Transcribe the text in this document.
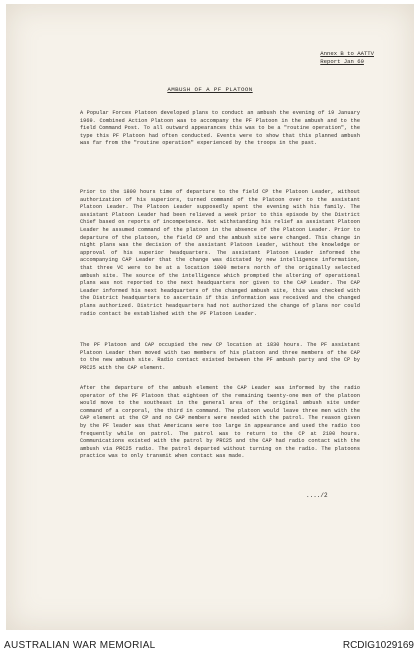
Annex B to AATTV
Report Jan 69
AMBUSH OF A PF PLATOON

A Popular Forces Platoon developed plans to conduct an ambush the evening of 19 January 1969. Combined Action Platoon was to accompany the PF Platoon in the ambush and to the field Command Post. To all outward appearances this was to be a "routine operation", the type this PF Platoon had often conducted. Events were to show that this planned ambush was far from the "routine operation" experienced by the troops in the past.

Prior to the 1800 hours time of departure to the field CP the Platoon Leader, without authorization of his superiors, turned command of the Platoon over to the assistant Platoon Leader. The Platoon Leader supposedly spent the evening with his family. The assistant Platoon Leader had been relieved a week prior to this episode by the District Chief based on reports of incompetence. Not withstanding his relief as assistant Platoon Leader he assumed command of the platoon in the absence of the Platoon Leader. Prior to departure of the platoon, the field CP and the ambush site were changed. This change in night plans was the decision of the assistant Platoon Leader, without the knowledge or approval of his superior headquarters. The assistant Platoon Leader informed the accompanying CAP Leader that the change was dictated by new intelligence information, that three VC were to be at a location 1000 meters north of the originally selected ambush site. The source of the intelligence which prompted the altering of operational plans was not reported to the next headquarters nor given to the CAP Leader. The CAP Leader informed his next headquarters of the changed ambush site, this was checked with the District headquarters to ascertain if this information was received and the changed plans authorized. District headquarters had not authorized the change of plans nor could radio contact be established with the PF Platoon Leader.

The PF Platoon and CAP occupied the new CP location at 1830 hours. The PF assistant Platoon Leader then moved with two members of his platoon and three members of the CAP to the new ambush site. Radio contact existed between the PF ambush party and the CP by PRC25 with the CAP element.

After the departure of the ambush element the CAP Leader was informed by the radio operator of the PF Platoon that eighteen of the remaining twenty-one men of the platoon would move to the southeast in the general area of the original ambush site under command of a corporal, the third in command. The platoon would leave three men with the CAP element at the CP and no CAP members were needed with the patrol. The reason given by the PF leader was that Americans were too large in appearance and used the radio too frequently while on patrol. The patrol was to return to the CP at 2100 hours. Communications existed with the patrol by PRC25 and the CAP had radio contact with the ambush via PRC25 radio. The patrol departed without turning on the radio. The platoons practice was to only transmit when contact was made.

..../2
AUSTRALIAN WAR MEMORIAL	RCDIG1029169
